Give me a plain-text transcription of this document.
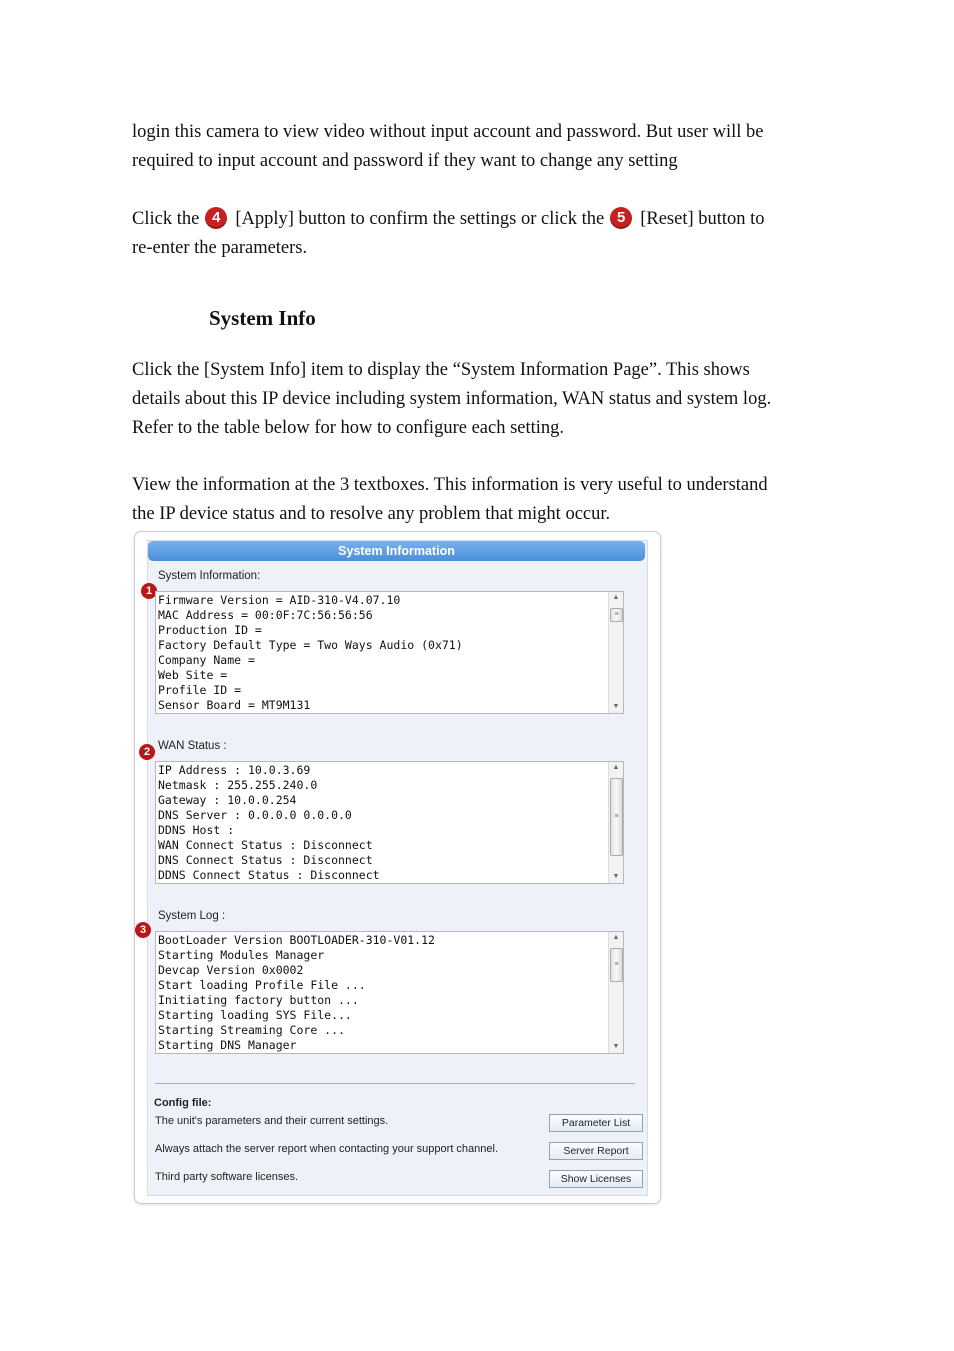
login this camera to view video without input account and password. But user will be
required to input account and password if they want to change any setting

Click the 4 [Apply] button to confirm the settings or click the 5 [Reset] button to
re-enter the parameters.

System Info

Click the [System Info] item to display the “System Information Page”. This shows
details about this IP device including system information, WAN status and system log.
Refer to the table below for how to configure each setting.

View the information at the 3 textboxes. This information is very useful to understand
the IP device status and to resolve any problem that might occur.

System Information
System Information:
1
Firmware Version = AID-310-V4.07.10
MAC Address = 00:0F:7C:56:56:56
Production ID =
Factory Default Type = Two Ways Audio (0x71)
Company Name =
Web Site =
Profile ID =
Sensor Board = MT9M131
▲
≡
▼
WAN Status :
2
IP Address : 10.0.3.69
Netmask : 255.255.240.0
Gateway : 10.0.0.254
DNS Server : 0.0.0.0 0.0.0.0
DDNS Host :
WAN Connect Status : Disconnect
DNS Connect Status : Disconnect
DDNS Connect Status : Disconnect
▲
≡
▼
System Log :
3
BootLoader Version BOOTLOADER-310-V01.12
Starting Modules Manager
Devcap Version 0x0002
Start loading Profile File ...
Initiating factory button ...
Starting loading SYS File...
Starting Streaming Core ...
Starting DNS Manager
▲
≡
▼
Config file:
The unit's parameters and their current settings.	Parameter List
Always attach the server report when contacting your support channel.	Server Report
Third party software licenses.	Show Licenses
